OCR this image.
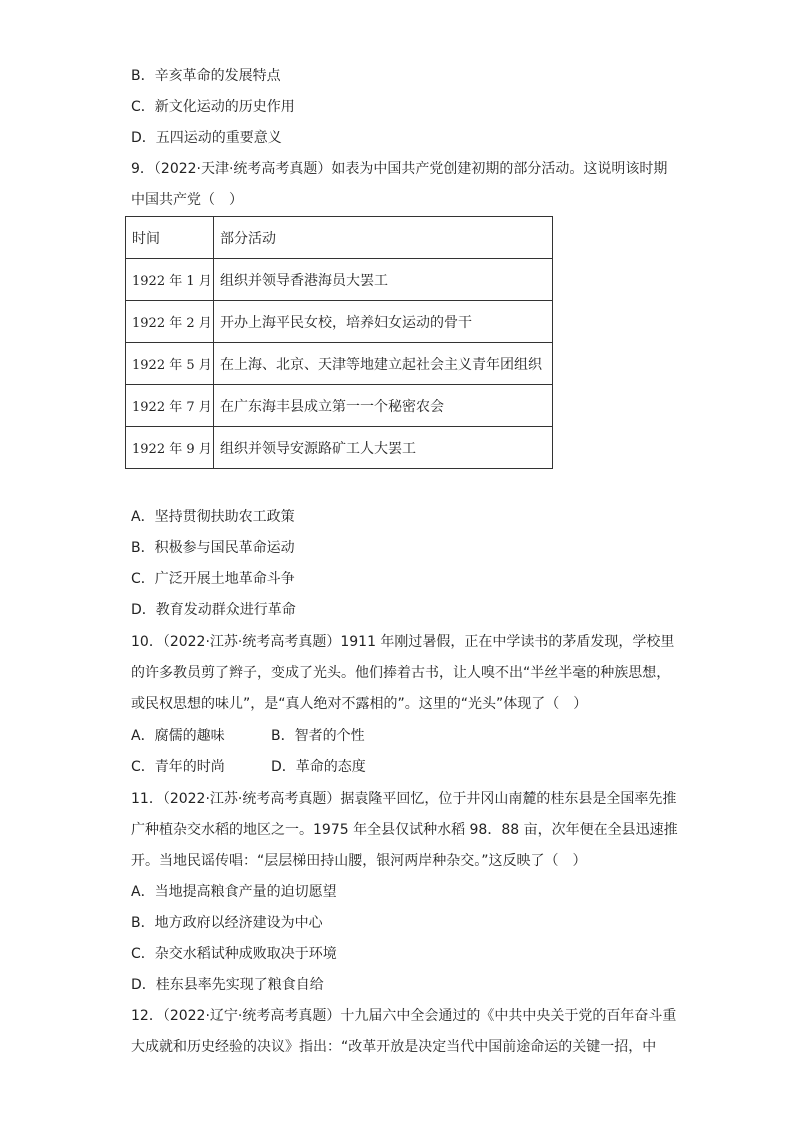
B．辛亥革命的发展特点
C．新文化运动的历史作用
D．五四运动的重要意义
9．（2022·天津·统考高考真题）如表为中国共产党创建初期的部分活动。这说明该时期
中国共产党（　）
时间	部分活动
1922 年 1 月	组织并领导香港海员大罢工
1922 年 2 月	开办上海平民女校，培养妇女运动的骨干
1922 年 5 月	在上海、北京、天津等地建立起社会主义青年团组织
1922 年 7 月	在广东海丰县成立第一一个秘密农会
1922 年 9 月	组织并领导安源路矿工人大罢工
A．坚持贯彻扶助农工政策
B．积极参与国民革命运动
C．广泛开展土地革命斗争
D．教育发动群众进行革命
10．（2022·江苏·统考高考真题）1911 年刚过暑假，正在中学读书的茅盾发现，学校里
的许多教员剪了辫子，变成了光头。他们捧着古书，让人嗅不出“半丝半毫的种族思想，
或民权思想的味儿”，是“真人绝对不露相的”。这里的“光头”体现了（　）
A．腐儒的趣味	B．智者的个性
C．青年的时尚	D．革命的态度
11．（2022·江苏·统考高考真题）据袁隆平回忆，位于井冈山南麓的桂东县是全国率先推
广种植杂交水稻的地区之一。1975 年全县仅试种水稻 98．88 亩，次年便在全县迅速推
开。当地民谣传唱：“层层梯田持山腰，银河两岸种杂交。”这反映了（　）
A．当地提高粮食产量的迫切愿望
B．地方政府以经济建设为中心
C．杂交水稻试种成败取决于环境
D．桂东县率先实现了粮食自给
12．（2022·辽宁·统考高考真题）十九届六中全会通过的《中共中央关于党的百年奋斗重
大成就和历史经验的决议》指出：“改革开放是决定当代中国前途命运的关键一招，中
